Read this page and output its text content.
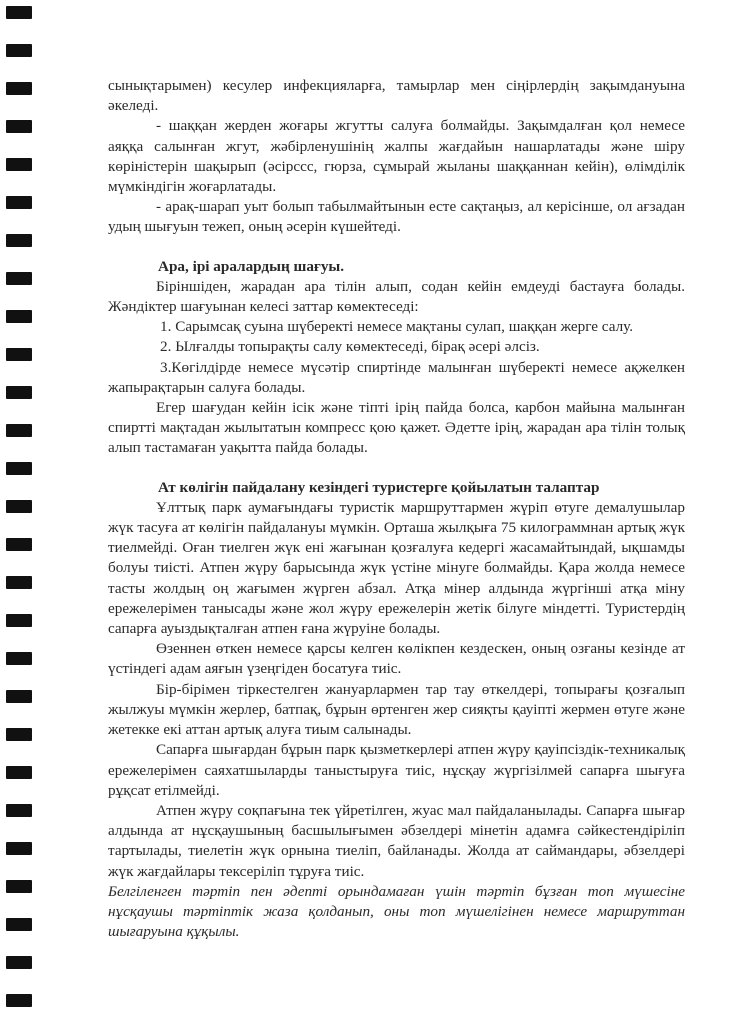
сынықтарымен) кесулер инфекцияларға, тамырлар мен сіңірлердің зақымдануына әкеледі.

- шаққан жерден жоғары жгутты салуға болмайды. Зақымдалған қол немесе аяққа салынған жгут, жәбірленушінің жалпы жағдайын нашарлатады және шіру көріністерін шақырып (әсірссс, гюрза, сұмырай жыланы шаққаннан кейін), өлімділік мүмкіндігін жоғарлатады.

- арақ-шарап уыт болып табылмайтынын есте сақтаңыз, ал керісінше, ол ағзадан удың шығуын тежеп, оның әсерін күшейтеді.

Ара, ірі аралардың шағуы.

Біріншіден, жарадан ара тілін алып, содан кейін емдеуді бастауға болады. Жәндіктер шағуынан келесі заттар көмектеседі:

1. Сарымсақ суына шүберекті немесе мақтаны сулап, шаққан жерге салу.

2. Ылғалды топырақты салу көмектеседі, бірақ әсері әлсіз.

3.Көгілдірде немесе мүсәтір спиртінде малынған шүберекті немесе ақжелкен жапырақтарын салуға болады.

Егер шағудан кейін ісік және тіпті ірің пайда болса, карбон майына малынған спиртті мақтадан жылытатын компресс қою қажет. Әдетте ірің, жарадан ара тілін толық алып тастамаған уақытта пайда болады.

Ат көлігін пайдалану кезіндегі туристерге қойылатын талаптар

Ұлттық парк аумағындағы туристік маршруттармен жүріп өтуге демалушылар жүк тасуға ат көлігін пайдалануы мүмкін. Орташа жылқыға 75 килограммнан артық жүк тиелмейді. Оған тиелген жүк ені жағынан қозғалуға кедергі жасамайтындай, ықшамды болуы тиісті. Атпен жүру барысында жүк үстіне мінуге болмайды. Қара жолда немесе тасты жолдың оң жағымен жүрген абзал. Атқа мінер алдында жүргінші атқа міну ережелерімен танысады және жол жүру ережелерін жетік білуге міндетті. Туристердің сапарға ауыздықталған атпен ғана жүруіне болады.

Өзеннен өткен немесе қарсы келген көлікпен кездескен, оның озғаны кезінде ат үстіндегі адам аяғын үзеңгіден босатуға тиіс.

Бір-бірімен тіркестелген жануарлармен тар тау өткелдері, топырағы қозғалып жылжуы мүмкін жерлер, батпақ, бұрын өртенген жер сияқты қауіпті жермен өтуге және жетекке екі аттан артық алуға тиым салынады.

Сапарға шығардан бұрын парк қызметкерлері атпен жүру қауіпсіздік-техникалық ережелерімен саяхатшыларды таныстыруға тиіс, нұсқау жүргізілмей сапарға шығуға рұқсат етілмейді.

Атпен жүру соқпағына тек үйретілген, жуас мал пайдаланылады. Сапарға шығар алдында ат нұсқаушының басшылығымен әбзелдері мінетін адамға сәйкестендіріліп тартылады, тиелетін жүк орнына тиеліп, байланады. Жолда ат саймандары, әбзелдері жүк жағдайлары тексеріліп тұруға тиіс.

Белгіленген тәртіп пен әдепті орындамаған үшін тәртіп бұзған топ мүшесіне нұсқаушы тәртіптік жаза қолданып, оны топ мүшелігінен немесе маршруттан шығаруына құқылы.
